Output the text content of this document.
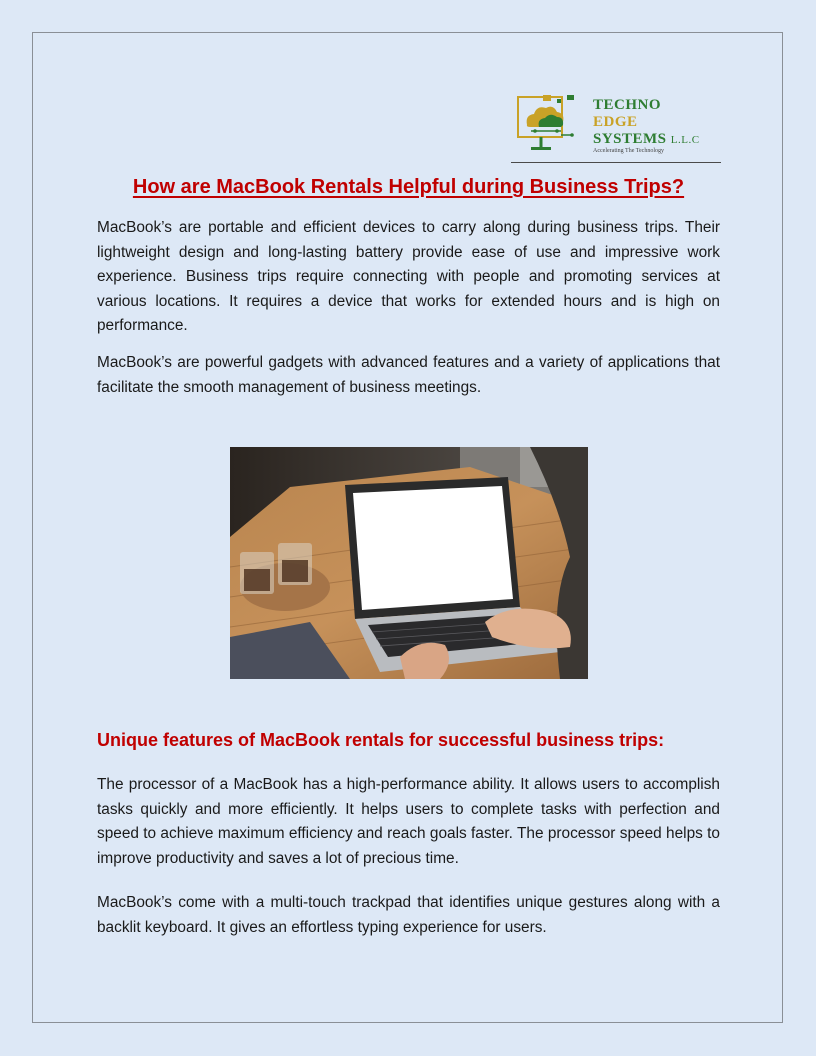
TECHNO
EDGE
SYSTEMS L.L.C
Accelerating The Technology
How are MacBook Rentals Helpful during Business Trips?

MacBook’s are portable and efficient devices to carry along during business trips. Their lightweight design and long-lasting battery provide ease of use and impressive work experience. Business trips require connecting with people and promoting services at various locations. It requires a device that works for extended hours and is high on performance.

MacBook’s are powerful gadgets with advanced features and a variety of applications that facilitate the smooth management of business meetings.

Unique features of MacBook rentals for successful business trips:

The processor of a MacBook has a high-performance ability. It allows users to accomplish tasks quickly and more efficiently. It helps users to complete tasks with perfection and speed to achieve maximum efficiency and reach goals faster. The processor speed helps to improve productivity and saves a lot of precious time.

MacBook’s come with a multi-touch trackpad that identifies unique gestures along with a backlit keyboard. It gives an effortless typing experience for users.
